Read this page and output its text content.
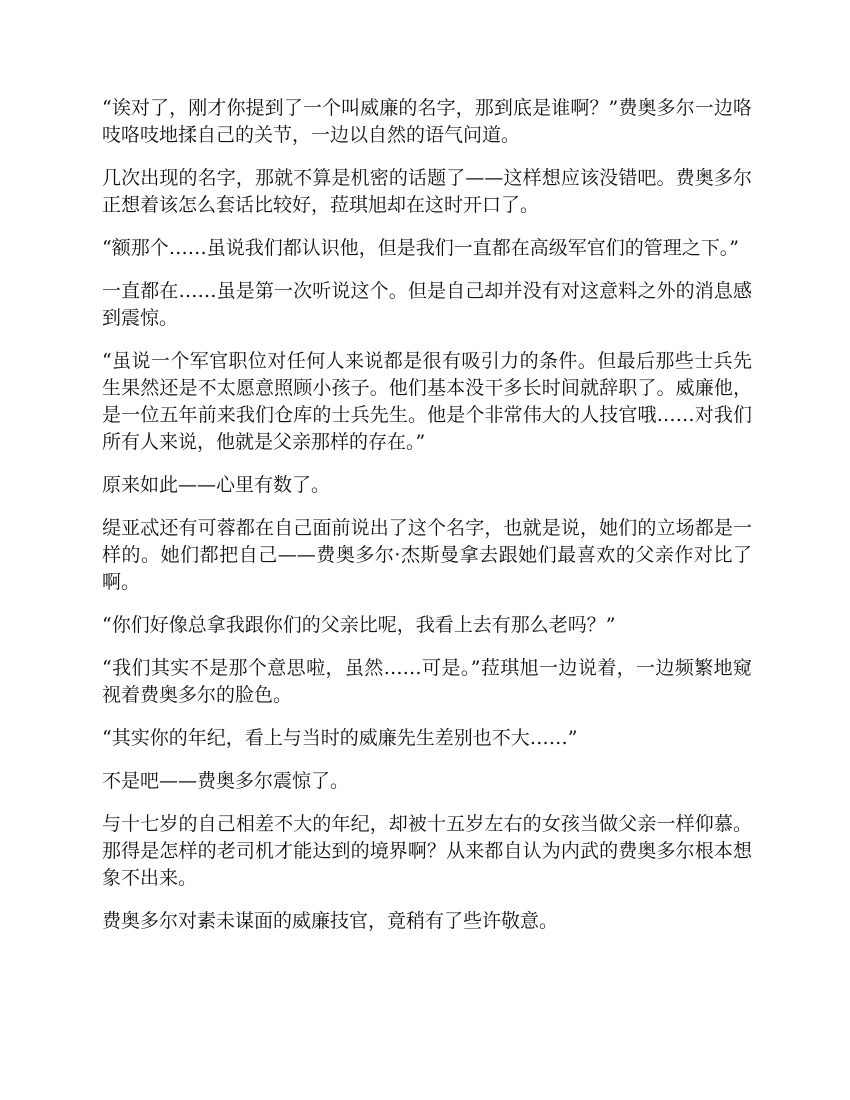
“诶对了，刚才你提到了一个叫威廉的名字，那到底是谁啊？”费奥多尔一边咯吱咯吱地揉自己的关节，一边以自然的语气问道。

几次出现的名字，那就不算是机密的话题了——这样想应该没错吧。费奥多尔正想着该怎么套话比较好，菈琪旭却在这时开口了。

“额那个……虽说我们都认识他，但是我们一直都在高级军官们的管理之下。”

一直都在……虽是第一次听说这个。但是自己却并没有对这意料之外的消息感到震惊。

“虽说一个军官职位对任何人来说都是很有吸引力的条件。但最后那些士兵先生果然还是不太愿意照顾小孩子。他们基本没干多长时间就辞职了。威廉他，是一位五年前来我们仓库的士兵先生。他是个非常伟大的人技官哦……对我们所有人来说，他就是父亲那样的存在。”

原来如此——心里有数了。

缇亚忒还有可蓉都在自己面前说出了这个名字，也就是说，她们的立场都是一样的。她们都把自己——费奥多尔·杰斯曼拿去跟她们最喜欢的父亲作对比了啊。

“你们好像总拿我跟你们的父亲比呢，我看上去有那么老吗？”

“我们其实不是那个意思啦，虽然……可是。”菈琪旭一边说着，一边频繁地窥视着费奥多尔的脸色。

“其实你的年纪，看上与当时的威廉先生差别也不大……”

不是吧——费奥多尔震惊了。

与十七岁的自己相差不大的年纪，却被十五岁左右的女孩当做父亲一样仰慕。那得是怎样的老司机才能达到的境界啊？从来都自认为内武的费奥多尔根本想象不出来。

费奥多尔对素未谋面的威廉技官，竟稍有了些许敬意。
